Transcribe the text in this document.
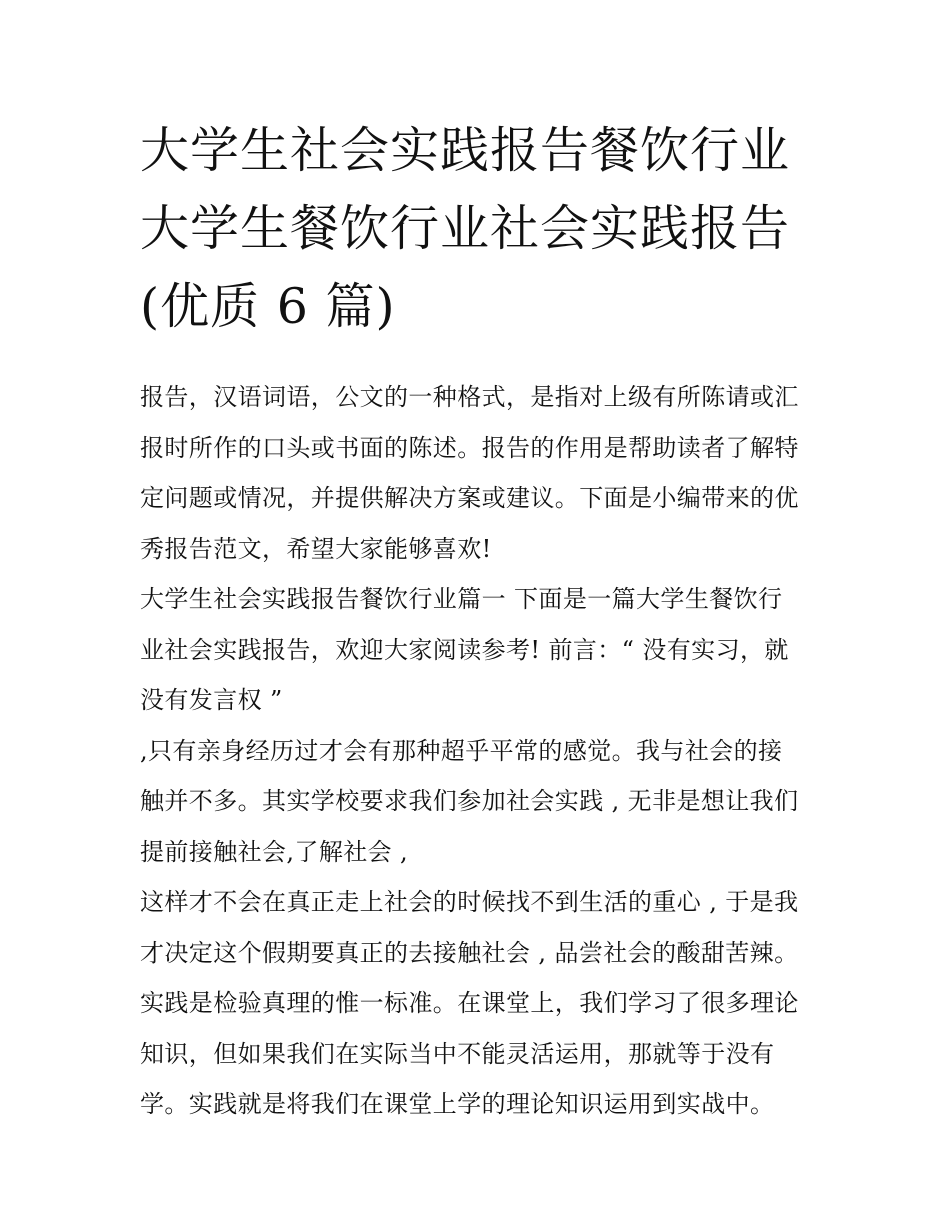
大学生社会实践报告餐饮行业
大学生餐饮行业社会实践报告
(优质 6 篇)

报告，汉语词语，公文的一种格式，是指对上级有所陈请或汇
报时所作的口头或书面的陈述。报告的作用是帮助读者了解特
定问题或情况，并提供解决方案或建议。下面是小编带来的优
秀报告范文，希望大家能够喜欢!

大学生社会实践报告餐饮行业篇一 下面是一篇大学生餐饮行
业社会实践报告，欢迎大家阅读参考! 前言：“ 没有实习，就
没有发言权 ”

,只有亲身经历过才会有那种超乎平常的感觉。我与社会的接
触并不多。其实学校要求我们参加社会实践 , 无非是想让我们
提前接触社会,了解社会 ,

这样才不会在真正走上社会的时候找不到生活的重心 , 于是我
才决定这个假期要真正的去接触社会 , 品尝社会的酸甜苦辣。
实践是检验真理的惟一标准。在课堂上，我们学习了很多理论
知识，但如果我们在实际当中不能灵活运用，那就等于没有
学。实践就是将我们在课堂上学的理论知识运用到实战中。
